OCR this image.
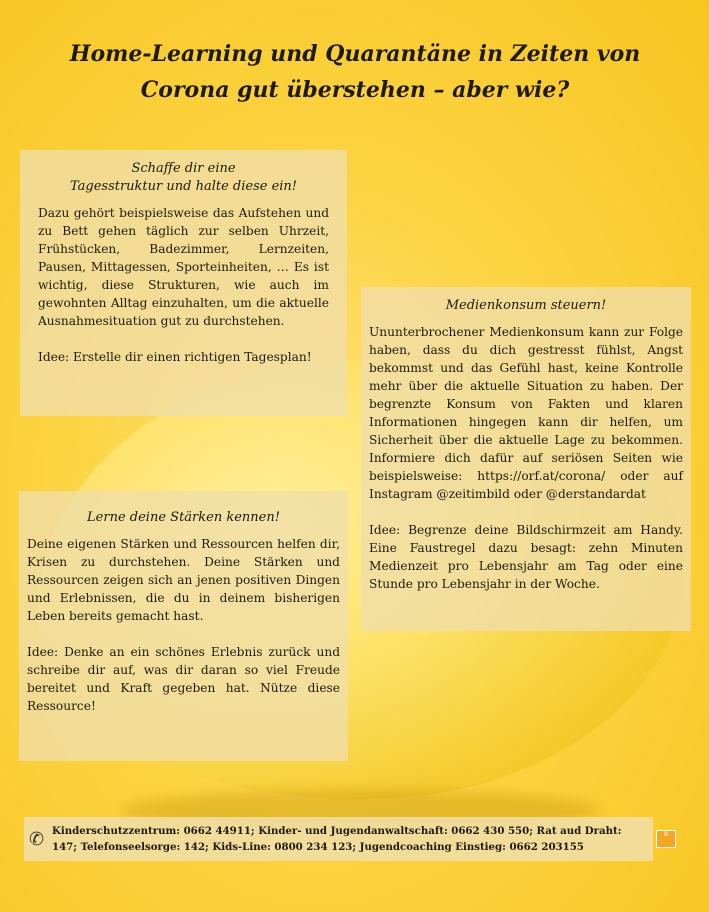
Home-Learning und Quarantäne in Zeiten von Corona gut überstehen – aber wie?
Schaffe dir eine
Tagesstruktur und halte diese ein!

Dazu gehört beispielsweise das Aufstehen und zu Bett gehen täglich zur selben Uhrzeit, Frühstücken, Badezimmer, Lernzeiten, Pausen, Mittagessen, Sporteinheiten, … Es ist wichtig, diese Strukturen, wie auch im gewohnten Alltag einzuhalten, um die aktuelle Ausnahmesituation gut zu durchstehen.

Idee: Erstelle dir einen richtigen Tagesplan!

Medienkonsum steuern!

Ununterbrochener Medienkonsum kann zur Folge haben, dass du dich gestresst fühlst, Angst bekommst und das Gefühl hast, keine Kontrolle mehr über die aktuelle Situation zu haben. Der begrenzte Konsum von Fakten und klaren Informationen hingegen kann dir helfen, um Sicherheit über die aktuelle Lage zu bekommen. Informiere dich dafür auf seriösen Seiten wie beispielsweise: https://orf.at/corona/ oder auf Instagram @zeitimbild oder @derstandardat

Idee: Begrenze deine Bildschirmzeit am Handy. Eine Faustregel dazu besagt: zehn Minuten Medienzeit pro Lebensjahr am Tag oder eine Stunde pro Lebensjahr in der Woche.

Lerne deine Stärken kennen!

Deine eigenen Stärken und Ressourcen helfen dir, Krisen zu durchstehen. Deine Stärken und Ressourcen zeigen sich an jenen positiven Dingen und Erlebnissen, die du in deinem bisherigen Leben bereits gemacht hast.

Idee: Denke an ein schönes Erlebnis zurück und schreibe dir auf, was dir daran so viel Freude bereitet und Kraft gegeben hat. Nütze diese Ressource!

✆ Kinderschutzzentrum: 0662 44911; Kinder- und Jugendanwaltschaft: 0662 430 550; Rat aud Draht:

147; Telefonseelsorge: 142; Kids-Line: 0800 234 123; Jugendcoaching Einstieg: 0662 203155

▤
